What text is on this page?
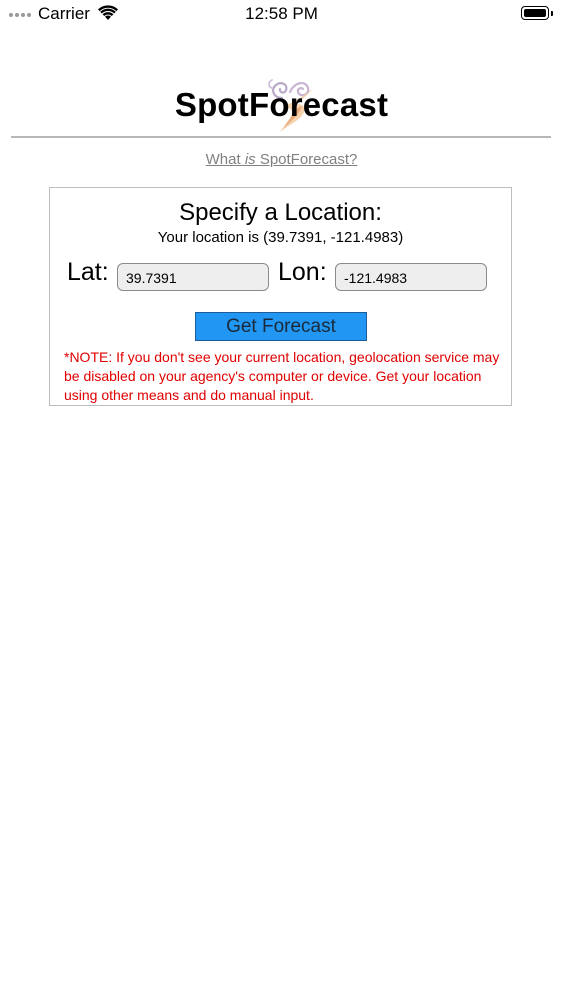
Carrier	12:58 PM
SpotForecast
What is SpotForecast?
Specify a Location:
Your location is (39.7391, -121.4983)
Lat:
39.7391	Lon:
-121.4983
Get Forecast
*NOTE: If you don't see your current location, geolocation service may be disabled on your agency's computer or device. Get your location using other means and do manual input.
